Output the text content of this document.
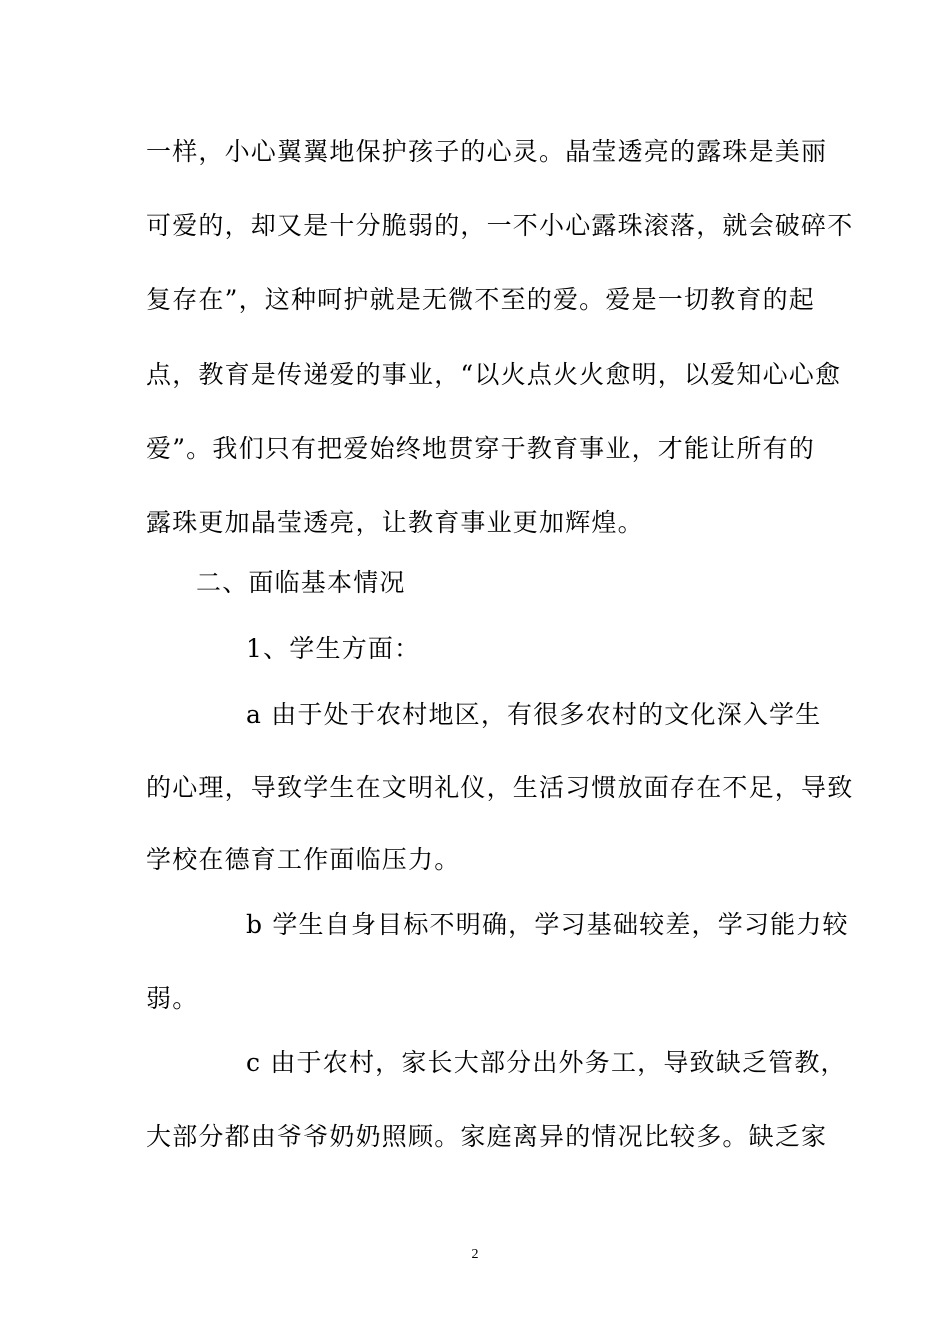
一样，小心翼翼地保护孩子的心灵。晶莹透亮的露珠是美丽
可爱的，却又是十分脆弱的，一不小心露珠滚落，就会破碎不
复存在”，这种呵护就是无微不至的爱。爱是一切教育的起
点，教育是传递爱的事业，“以火点火火愈明，以爱知心心愈
爱”。我们只有把爱始终地贯穿于教育事业，才能让所有的
露珠更加晶莹透亮，让教育事业更加辉煌。
二、面临基本情况
1、学生方面：
a 由于处于农村地区，有很多农村的文化深入学生
的心理，导致学生在文明礼仪，生活习惯放面存在不足，导致
学校在德育工作面临压力。
b 学生自身目标不明确，学习基础较差，学习能力较
弱。
c 由于农村，家长大部分出外务工，导致缺乏管教，
大部分都由爷爷奶奶照顾。家庭离异的情况比较多。缺乏家
2
